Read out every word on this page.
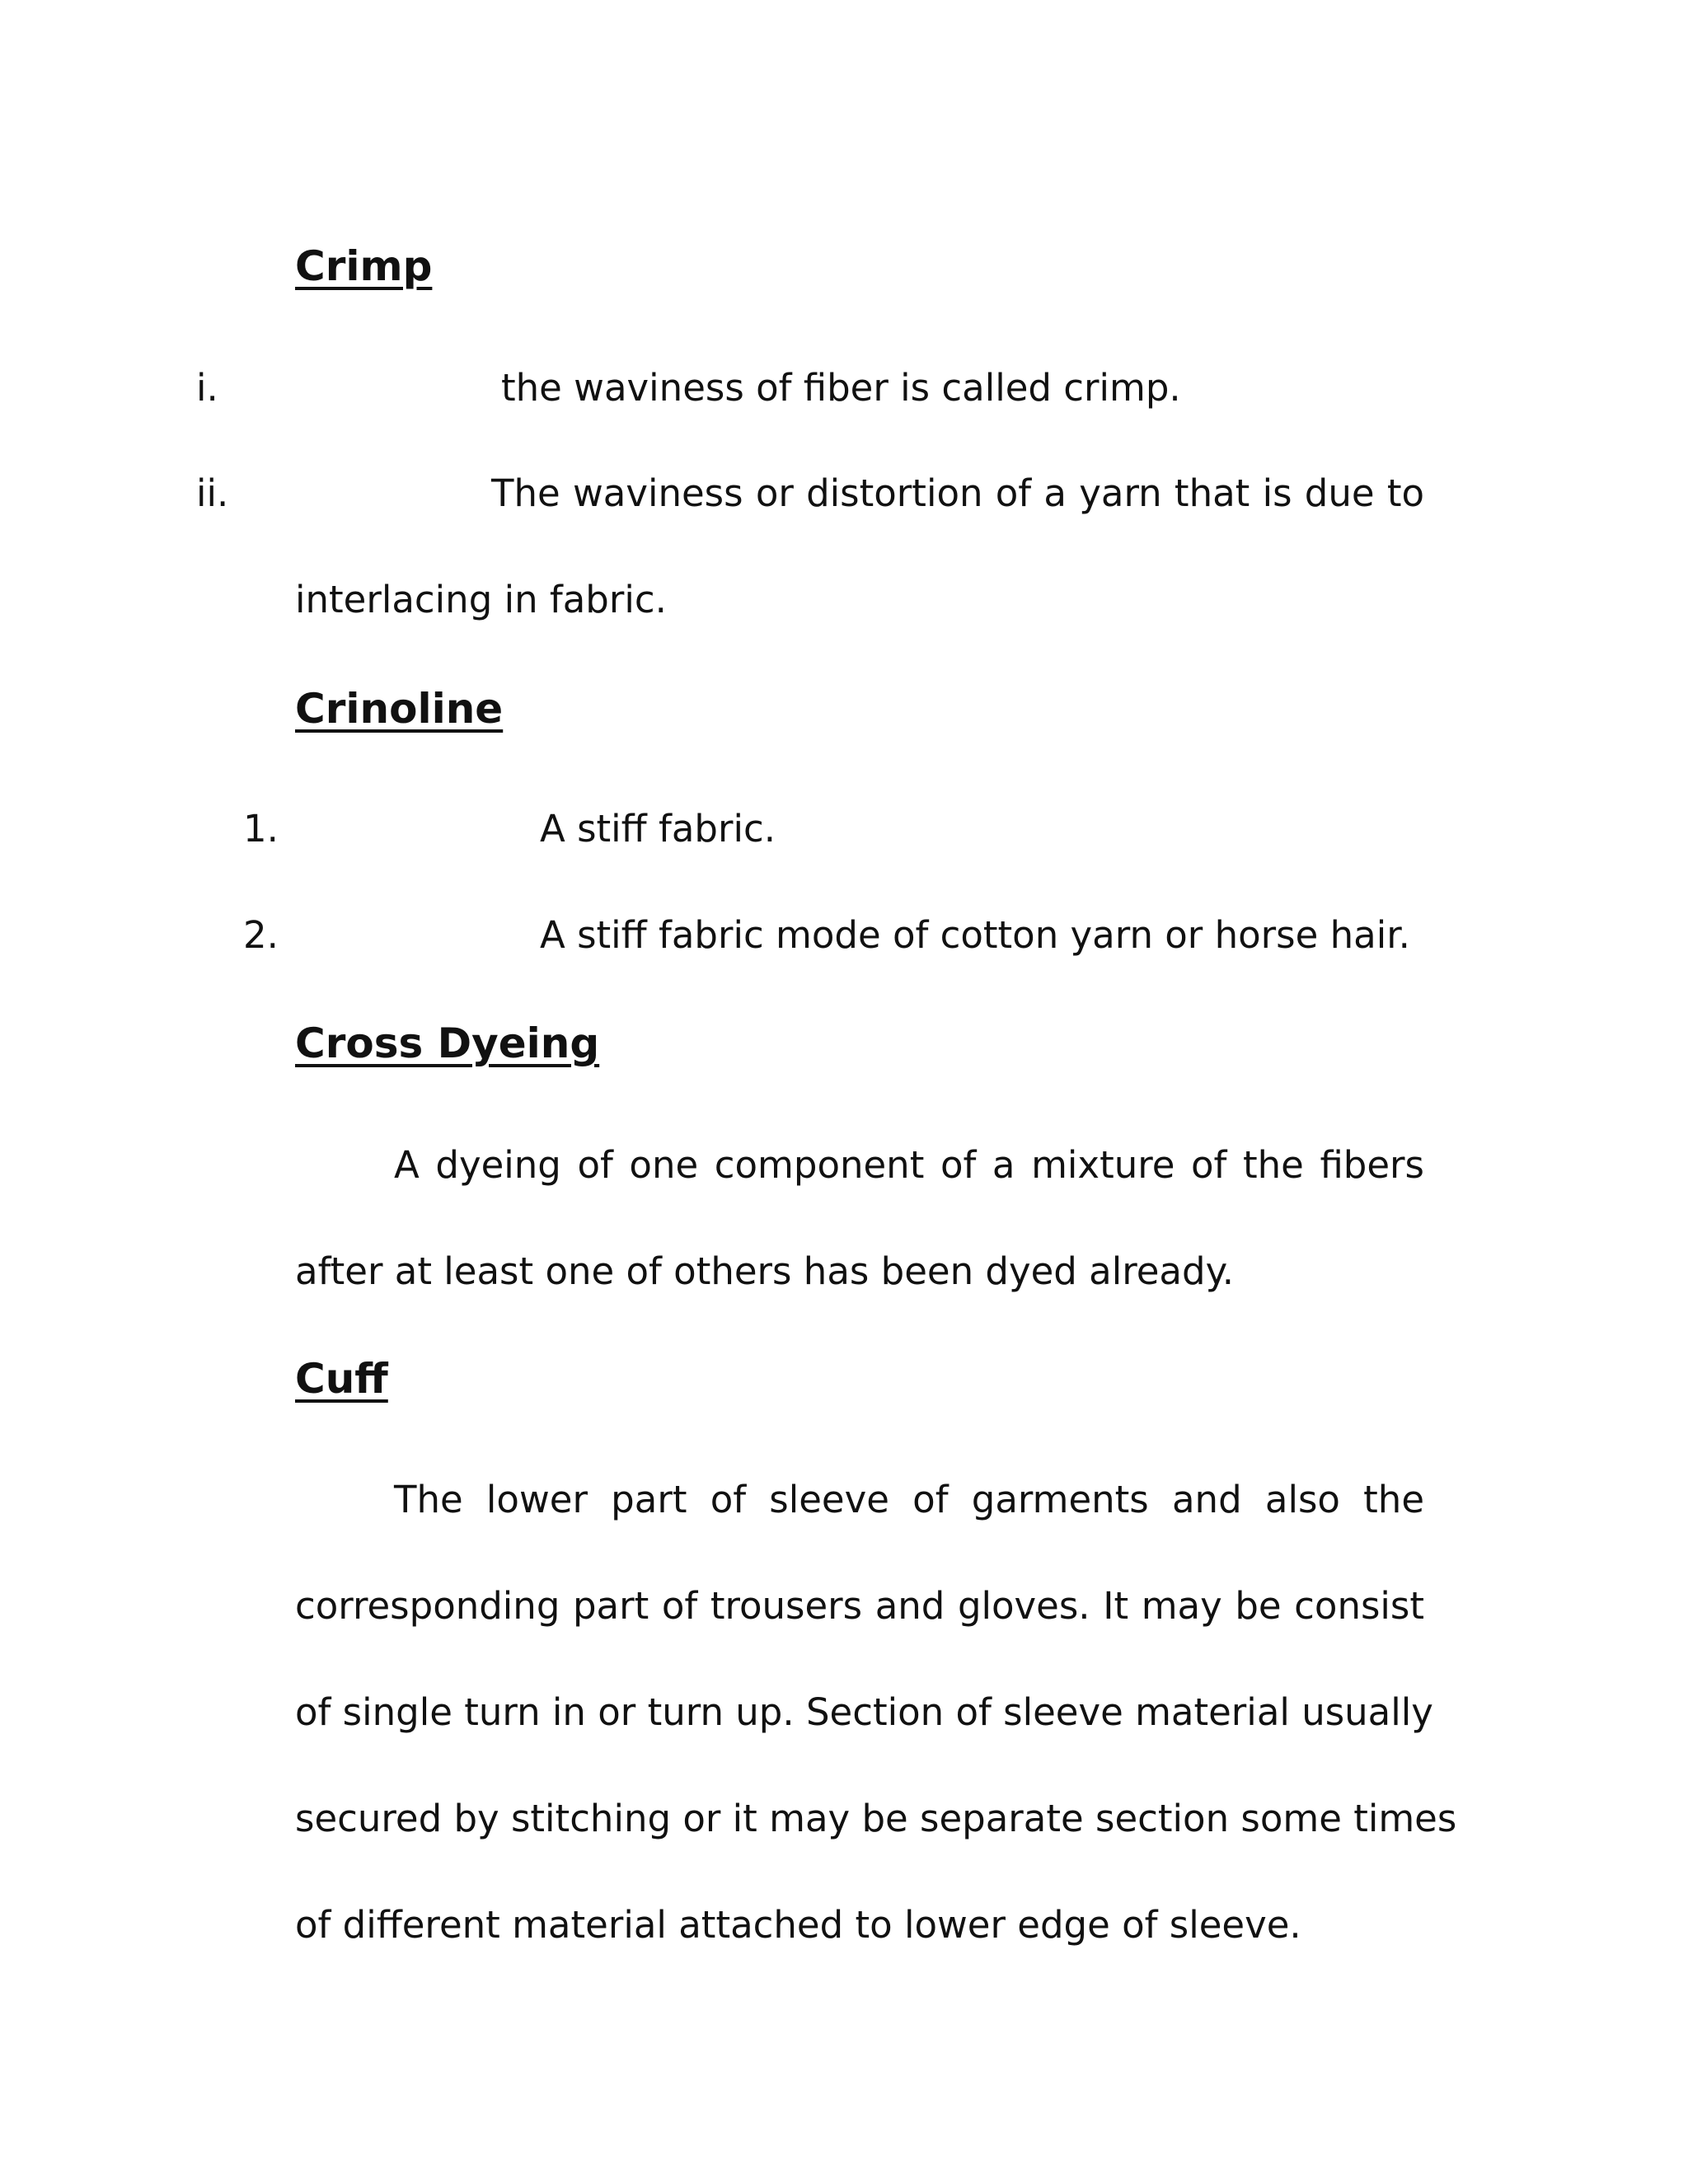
Crimp
i.	the waviness of fiber is called crimp.
ii.	The waviness or distortion of a yarn that is due to
interlacing in fabric.
Crinoline
1.	A stiff fabric.
2.	A stiff fabric mode of cotton yarn or horse hair.
Cross Dyeing
A dyeing of one component of a mixture of the fibers
after at least one of others has been dyed already.
Cuff
The lower part of sleeve of garments and also the
corresponding part of trousers and gloves. It may be consist
of single turn in or turn up. Section of sleeve material usually
secured by stitching or it may be separate section some times
of different material attached to lower edge of sleeve.
